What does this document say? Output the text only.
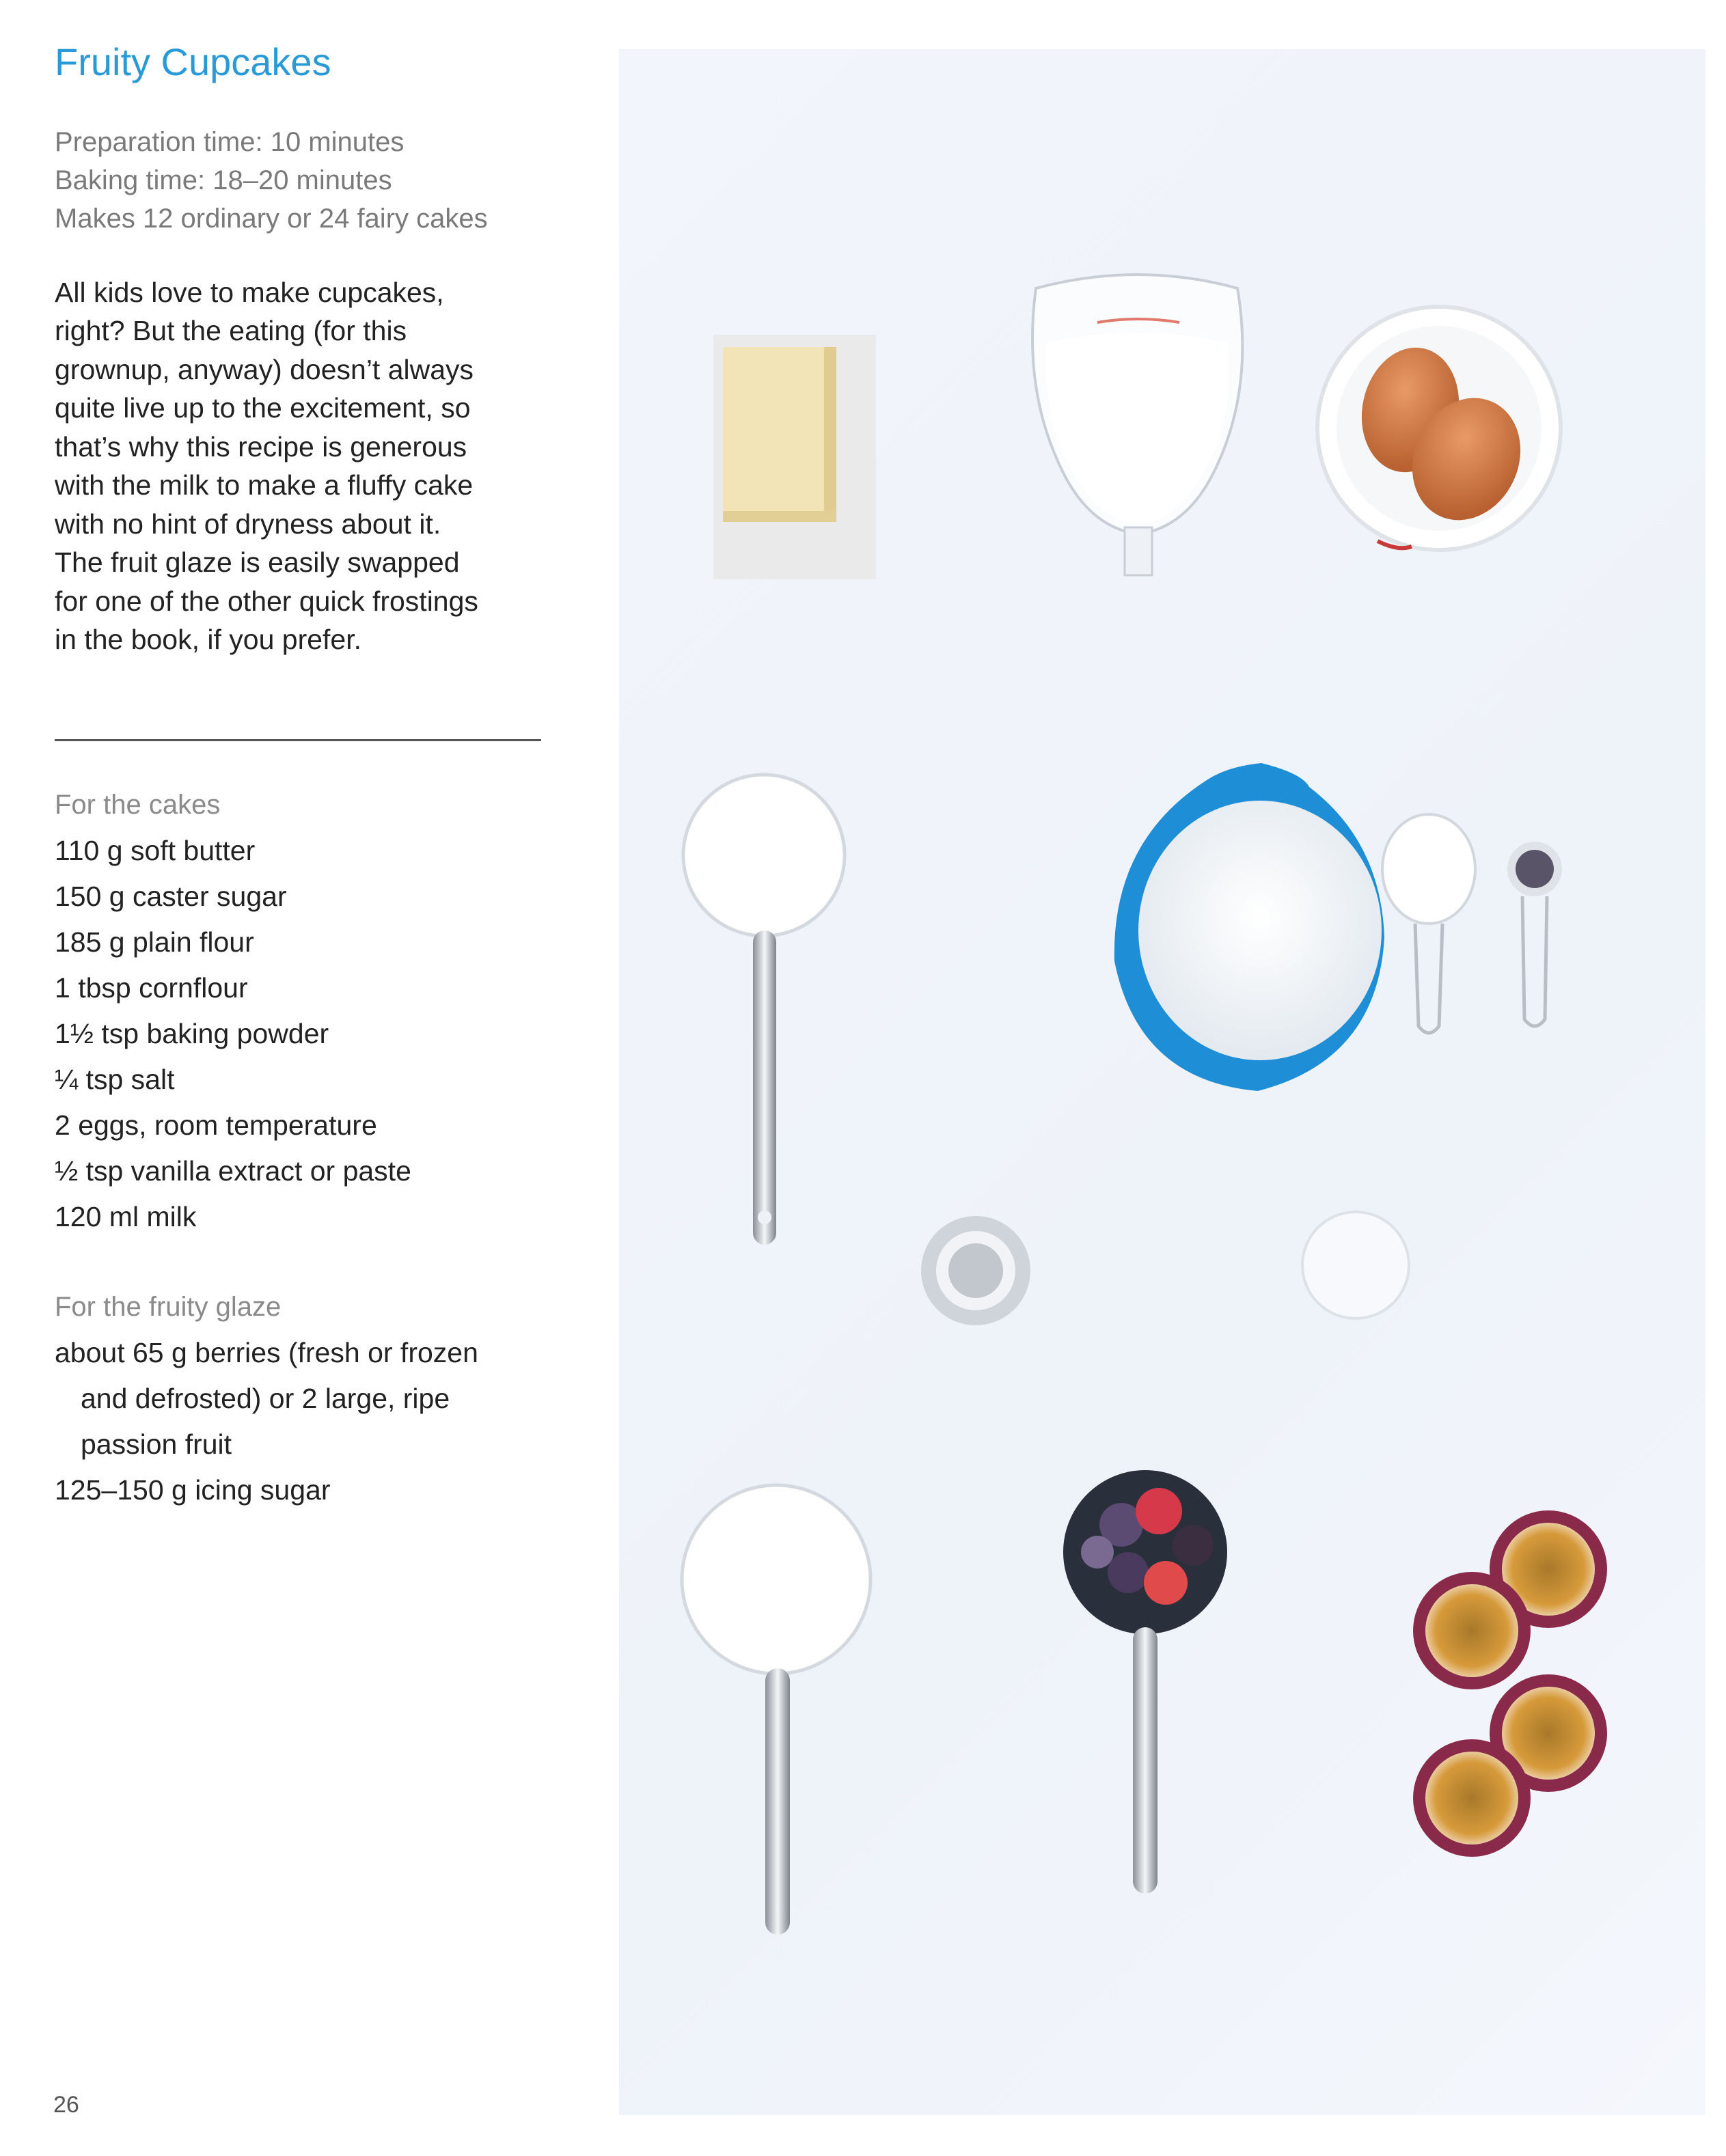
Fruity Cupcakes
Preparation time: 10 minutes
Baking time: 18–20 minutes
Makes 12 ordinary or 24 fairy cakes
All kids love to make cupcakes,
right? But the eating (for this
grownup, anyway) doesn’t always
quite live up to the excitement, so
that’s why this recipe is generous
with the milk to make a fluffy cake
with no hint of dryness about it.
The fruit glaze is easily swapped
for one of the other quick frostings
in the book, if you prefer.
For the cakes
110 g soft butter
150 g caster sugar
185 g plain flour
1 tbsp cornflour
1½ tsp baking powder
¼ tsp salt
2 eggs, room temperature
½ tsp vanilla extract or paste
120 ml milk
For the fruity glaze
about 65 g berries (fresh or frozen
and defrosted) or 2 large, ripe
passion fruit
125–150 g icing sugar
26
